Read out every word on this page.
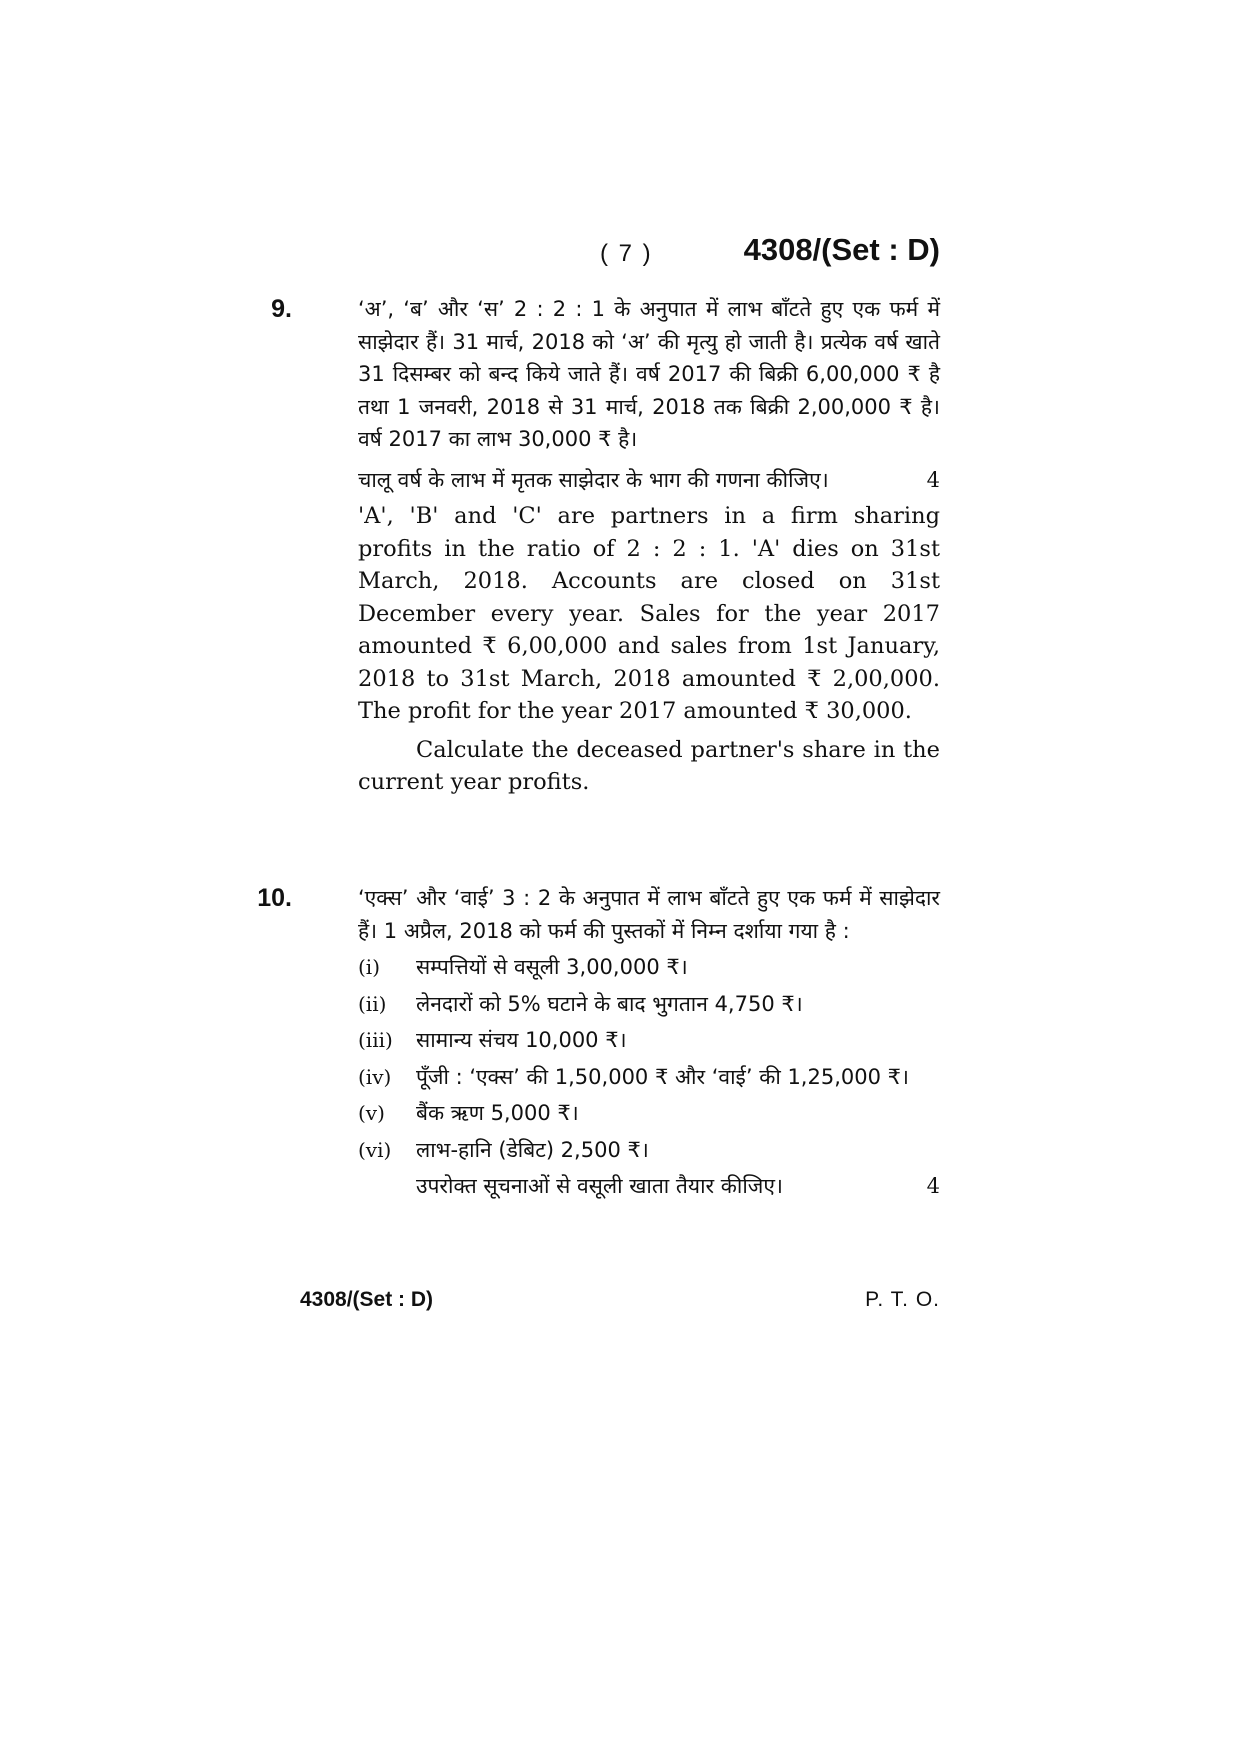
( 7 )	4308/(Set : D)
9.	‘अ’, ‘ब’ और ‘स’ 2 : 2 : 1 के अनुपात में लाभ बाँटते हुए एक फर्म में साझेदार हैं। 31 मार्च, 2018 को ‘अ’ की मृत्यु हो जाती है। प्रत्येक वर्ष खाते 31 दिसम्बर को बन्द किये जाते हैं। वर्ष 2017 की बिक्री 6,00,000 ₹ है तथा 1 जनवरी, 2018 से 31 मार्च, 2018 तक बिक्री 2,00,000 ₹ है। वर्ष 2017 का लाभ 30,000 ₹ है।

चालू वर्ष के लाभ में मृतक साझेदार के भाग की गणना कीजिए।	4

'A', 'B' and 'C' are partners in a firm sharing profits in the ratio of 2 : 2 : 1. 'A' dies on 31st March, 2018. Accounts are closed on 31st December every year. Sales for the year 2017 amounted ₹ 6,00,000 and sales from 1st January, 2018 to 31st March, 2018 amounted ₹ 2,00,000. The profit for the year 2017 amounted ₹ 30,000.

Calculate the deceased partner's share in the current year profits.

10.	‘एक्स’ और ‘वाई’ 3 : 2 के अनुपात में लाभ बाँटते हुए एक फर्म में साझेदार हैं। 1 अप्रैल, 2018 को फर्म की पुस्तकों में निम्न दर्शाया गया है :

(i)	सम्पत्तियों से वसूली 3,00,000 ₹।
(ii)	लेनदारों को 5% घटाने के बाद भुगतान 4,750 ₹।
(iii)	सामान्य संचय 10,000 ₹।
(iv)	पूँजी : ‘एक्स’ की 1,50,000 ₹ और ‘वाई’ की 1,25,000 ₹।
(v)	बैंक ऋण 5,000 ₹।
(vi)	लाभ-हानि (डेबिट) 2,500 ₹।
उपरोक्त सूचनाओं से वसूली खाता तैयार कीजिए।	4
4308/(Set : D)	P. T. O.
